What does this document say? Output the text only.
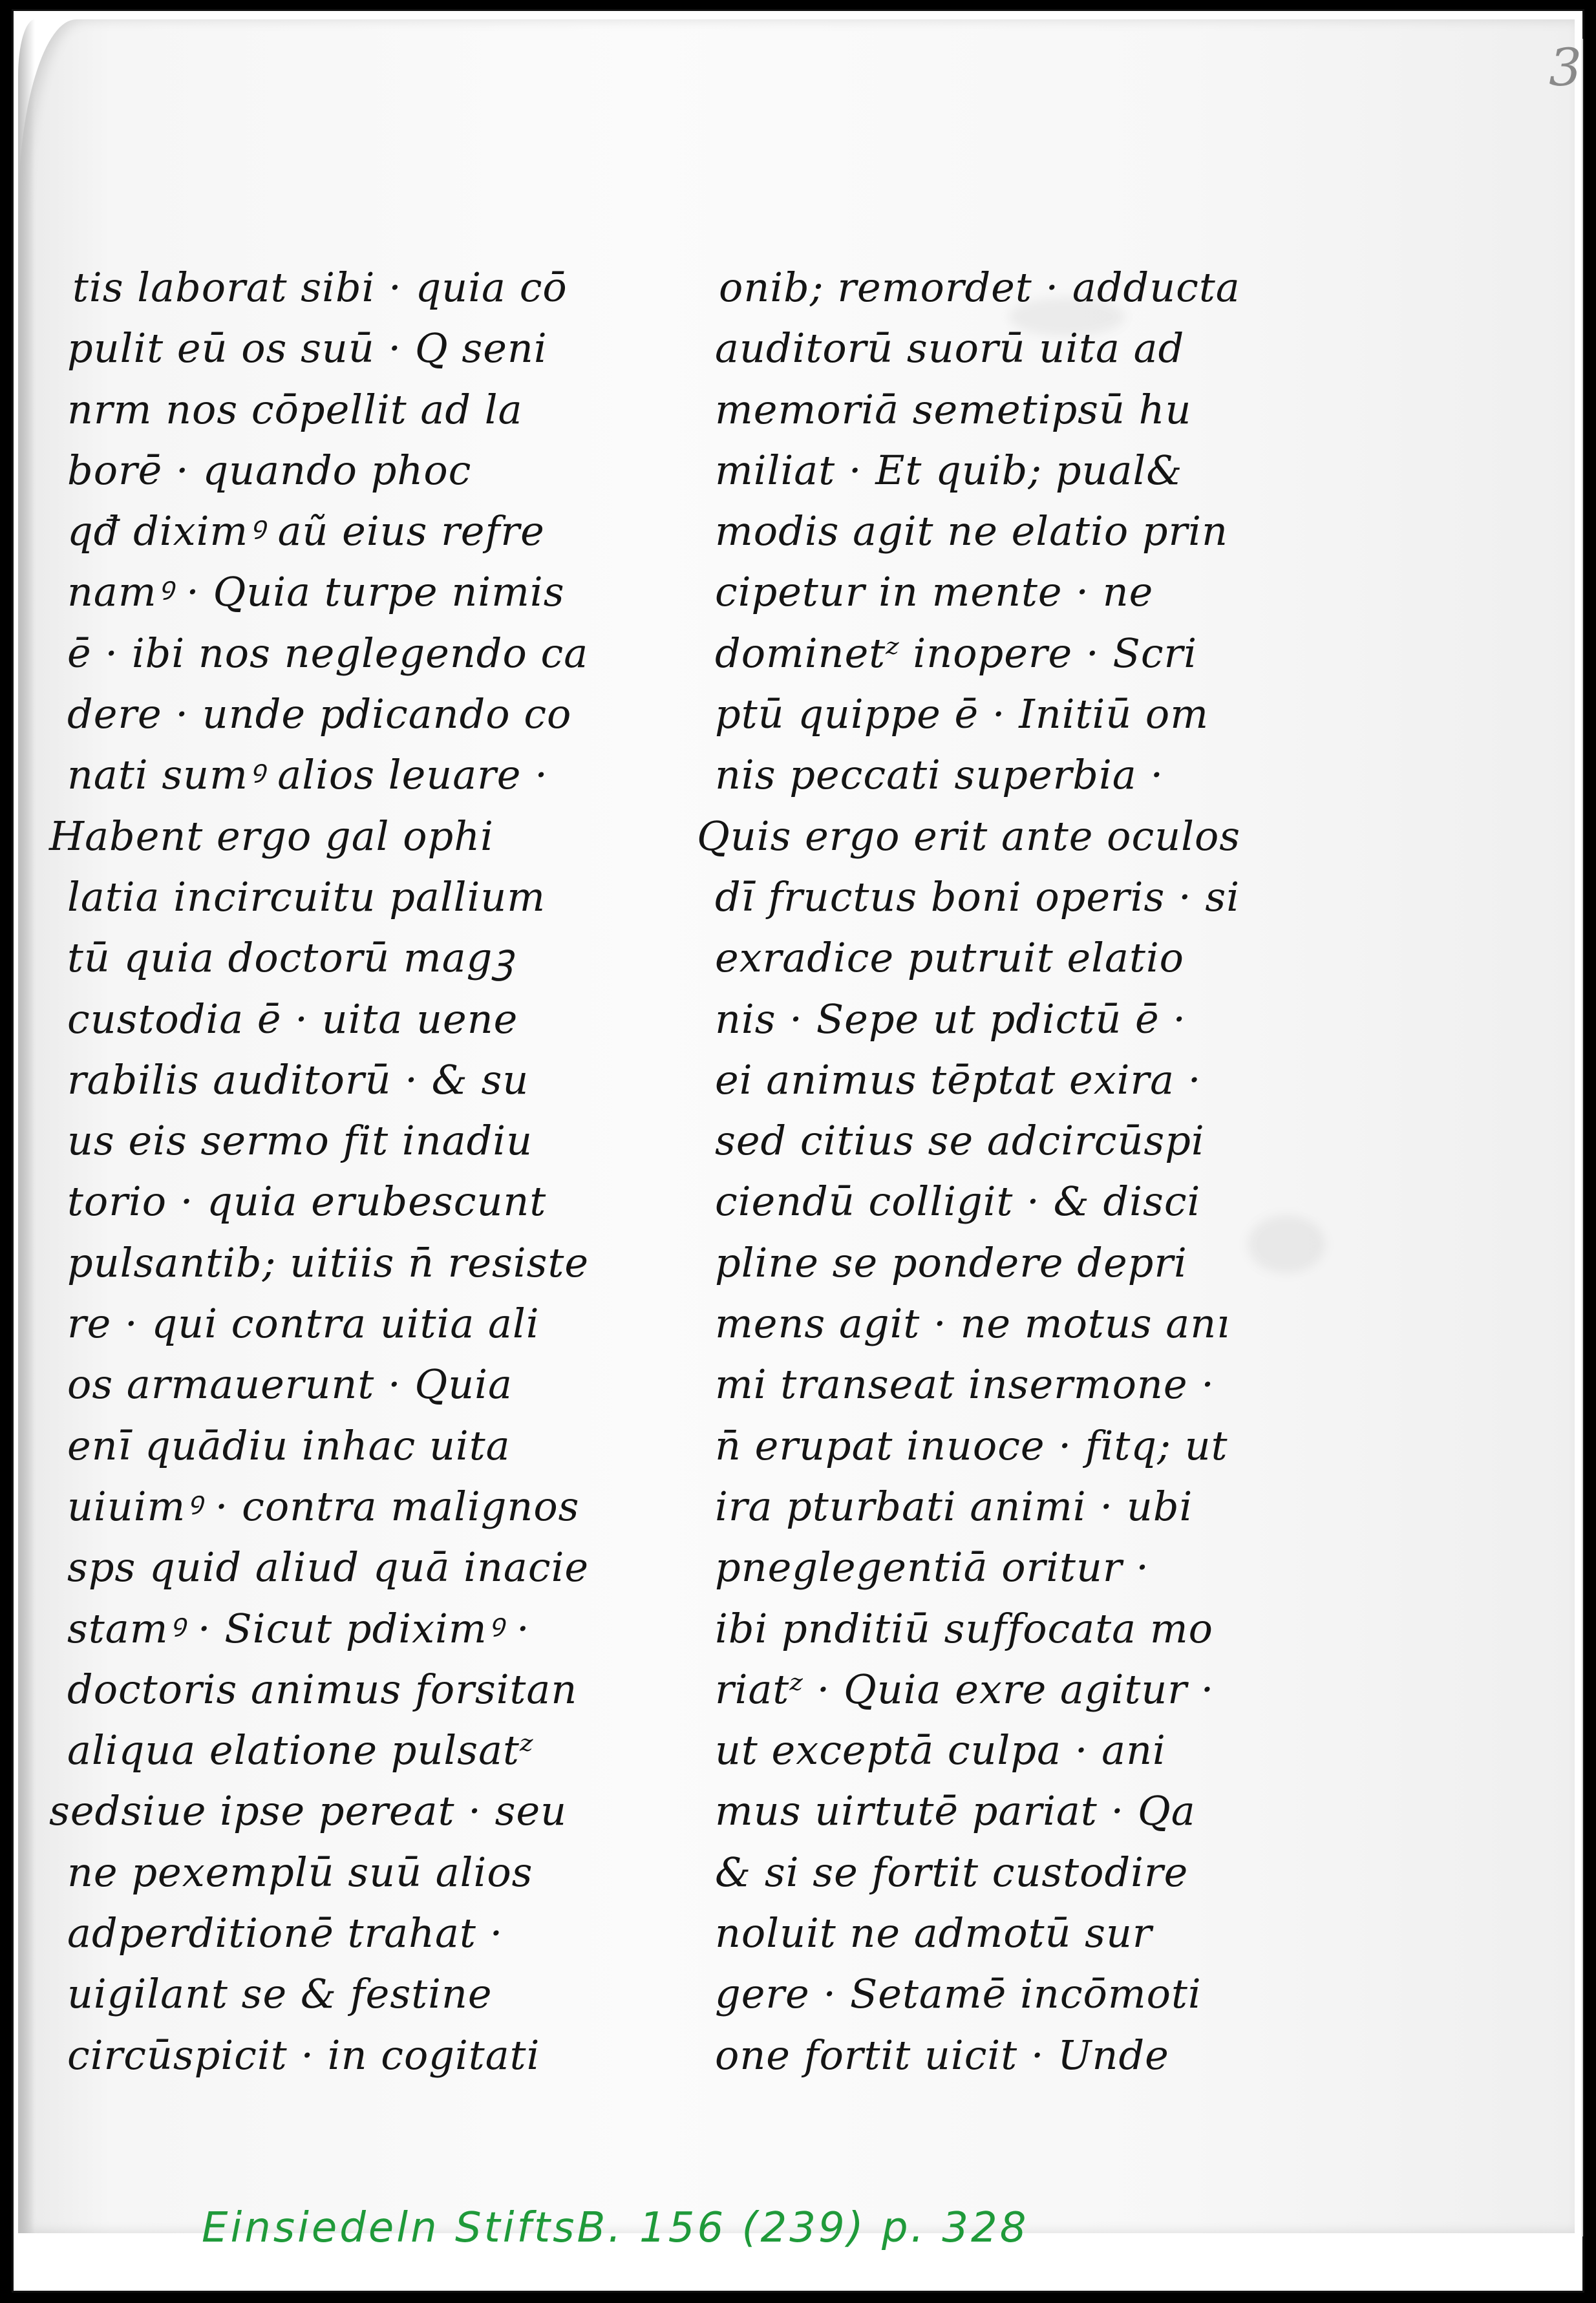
3
tis laborat sibi · quia cō
pulit eū os suū · Q seni
nrm nos cōpellit ad la
borē · quando phoc
qđ diximꝰ aũ eius refre
namꝰ · Quia turpe nimis
ē · ibi nos neglegendo ca
dere · unde pdicando co
nati sumꝰ alios leuare ·
Habent ergo gal ophi
latia incircuitu pallium
tū quia doctorū magꝫ
custodia ē · uita uene
rabilis auditorū · & su
us eis sermo fit inadiu
torio · quia erubescunt
pulsantib; uitiis n̄ resiste
re · qui contra uitia ali
os armauerunt · Quia
enī quādiu inhac uita
uiuimꝰ · contra malignos
sps quid aliud quā inacie
stamꝰ · Sicut pdiximꝰ ·
doctoris animus forsitan
aliqua elatione pulsatᶻ
sedsiue ipse pereat · seu
ne pexemplū suū alios
adperditionē trahat ·
uigilant se & festine
circūspicit · in cogitati
onib; remordet · adducta
auditorū suorū uita ad
memoriā semetipsū hu
miliat · Et quib; pual&
modis agit ne elatio prin
cipetur in mente · ne
dominetᶻ inopere · Scri
ptū quippe ē · Initiū om
nis peccati superbia ·
Quis ergo erit ante oculos
dī fructus boni operis · si
exradice putruit elatio
nis · Sepe ut pdictū ē ·
ei animus tēptat exira ·
sed citius se adcircūspi
ciendū colligit · & disci
pline se pondere depri
mens agit · ne motus anı
mi transeat insermone ·
n̄ erupat inuoce · fitq; ut
ira pturbati animi · ubi
pneglegentiā oritur ·
ibi pnditiū suffocata mo
riatᶻ · Quia exre agitur ·
ut exceptā culpa · ani
mus uirtutē pariat · Qa
& si se fortit custodire
noluit ne admotū sur
gere · Setamē incōmoti
one fortit uicit · Unde
Einsiedeln StiftsB. 156 (239) p. 328
